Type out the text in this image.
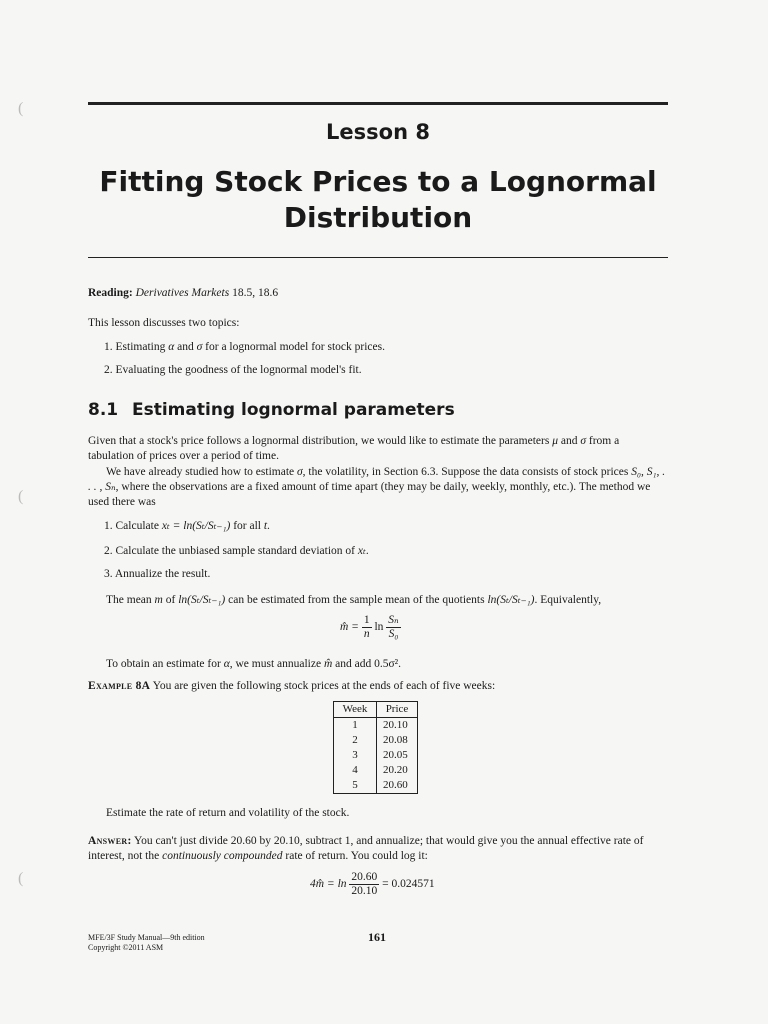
(
(
(
Lesson 8
Fitting Stock Prices to a Lognormal
Distribution
Reading: Derivatives Markets 18.5, 18.6
This lesson discusses two topics:
1. Estimating α and σ for a lognormal model for stock prices.
2. Evaluating the goodness of the lognormal model's fit.
8.1 Estimating lognormal parameters
Given that a stock's price follows a lognormal distribution, we would like to estimate the parameters μ and σ from a tabulation of prices over a period of time.
We have already studied how to estimate σ, the volatility, in Section 6.3. Suppose the data consists of stock prices S₀, S₁, . . . , Sₙ, where the observations are a fixed amount of time apart (they may be daily, weekly, monthly, etc.). The method we used there was
1. Calculate xₜ = ln(Sₜ/Sₜ₋₁) for all t.
2. Calculate the unbiased sample standard deviation of xₜ.
3. Annualize the result.
The mean m of ln(Sₜ/Sₜ₋₁) can be estimated from the sample mean of the quotients ln(Sₜ/Sₜ₋₁). Equivalently,
m̂ = $\frac{1}{n}$ $\ln \frac{\text{Sₙ}}{\text{S₀}}$
To obtain an estimate for α, we must annualize m̂ and add 0.5σ².
Example 8A You are given the following stock prices at the ends of each of five weeks:
Week	Price
1	20.10
2	20.08
3	20.05
4	20.20
5	20.60
Estimate the rate of return and volatility of the stock.
Answer: You can't just divide 20.60 by 20.10, subtract 1, and annualize; that would give you the annual effective rate of interest, not the continuously compounded rate of return. You could log it:
4m̂ = $\ln \frac{20.60}{20.10} = 0.024571$
MFE/3F Study Manual—9th edition
Copyright ©2011 ASM
161
